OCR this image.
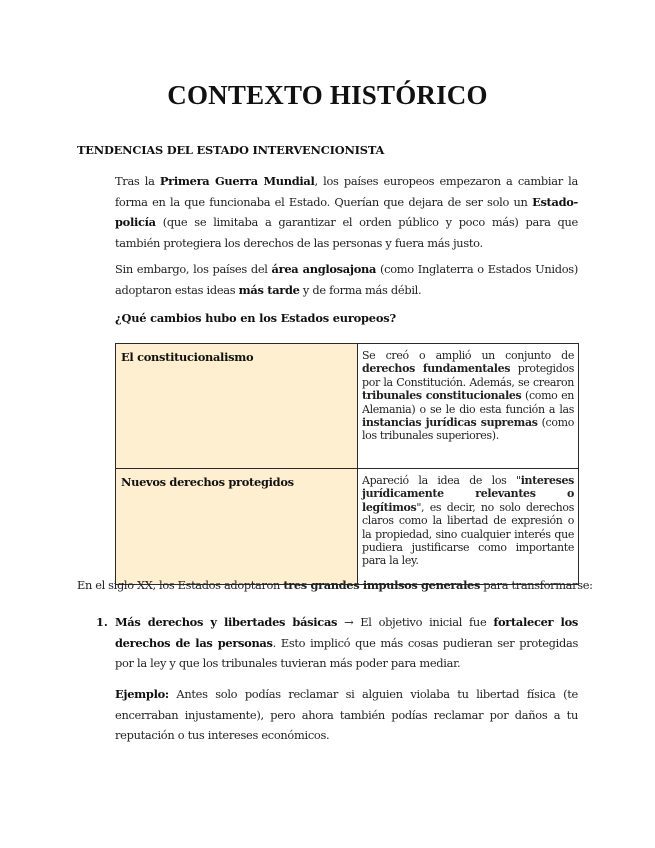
CONTEXTO HISTÓRICO

TENDENCIAS DEL ESTADO INTERVENCIONISTA

Tras la Primera Guerra Mundial, los países europeos empezaron a cambiar la forma en la que funcionaba el Estado. Querían que dejara de ser solo un Estado-policía (que se limitaba a garantizar el orden público y poco más) para que también protegiera los derechos de las personas y fuera más justo.

Sin embargo, los países del área anglosajona (como Inglaterra o Estados Unidos) adoptaron estas ideas más tarde y de forma más débil.

¿Qué cambios hubo en los Estados europeos?

El constitucionalismo	Se creó o amplió un conjunto de derechos fundamentales protegidos por la Constitución. Además, se crearon tribunales constitucionales (como en Alemania) o se le dio esta función a las instancias jurídicas supremas (como los tribunales superiores).
Nuevos derechos protegidos	Apareció la idea de los "intereses jurídicamente relevantes o legítimos", es decir, no solo derechos claros como la libertad de expresión o la propiedad, sino cualquier interés que pudiera justificarse como importante para la ley.

En el siglo XX, los Estados adoptaron tres grandes impulsos generales para transformarse:

1. Más derechos y libertades básicas → El objetivo inicial fue fortalecer los derechos de las personas. Esto implicó que más cosas pudieran ser protegidas por la ley y que los tribunales tuvieran más poder para mediar.

Ejemplo: Antes solo podías reclamar si alguien violaba tu libertad física (te encerraban injustamente), pero ahora también podías reclamar por daños a tu reputación o tus intereses económicos.
